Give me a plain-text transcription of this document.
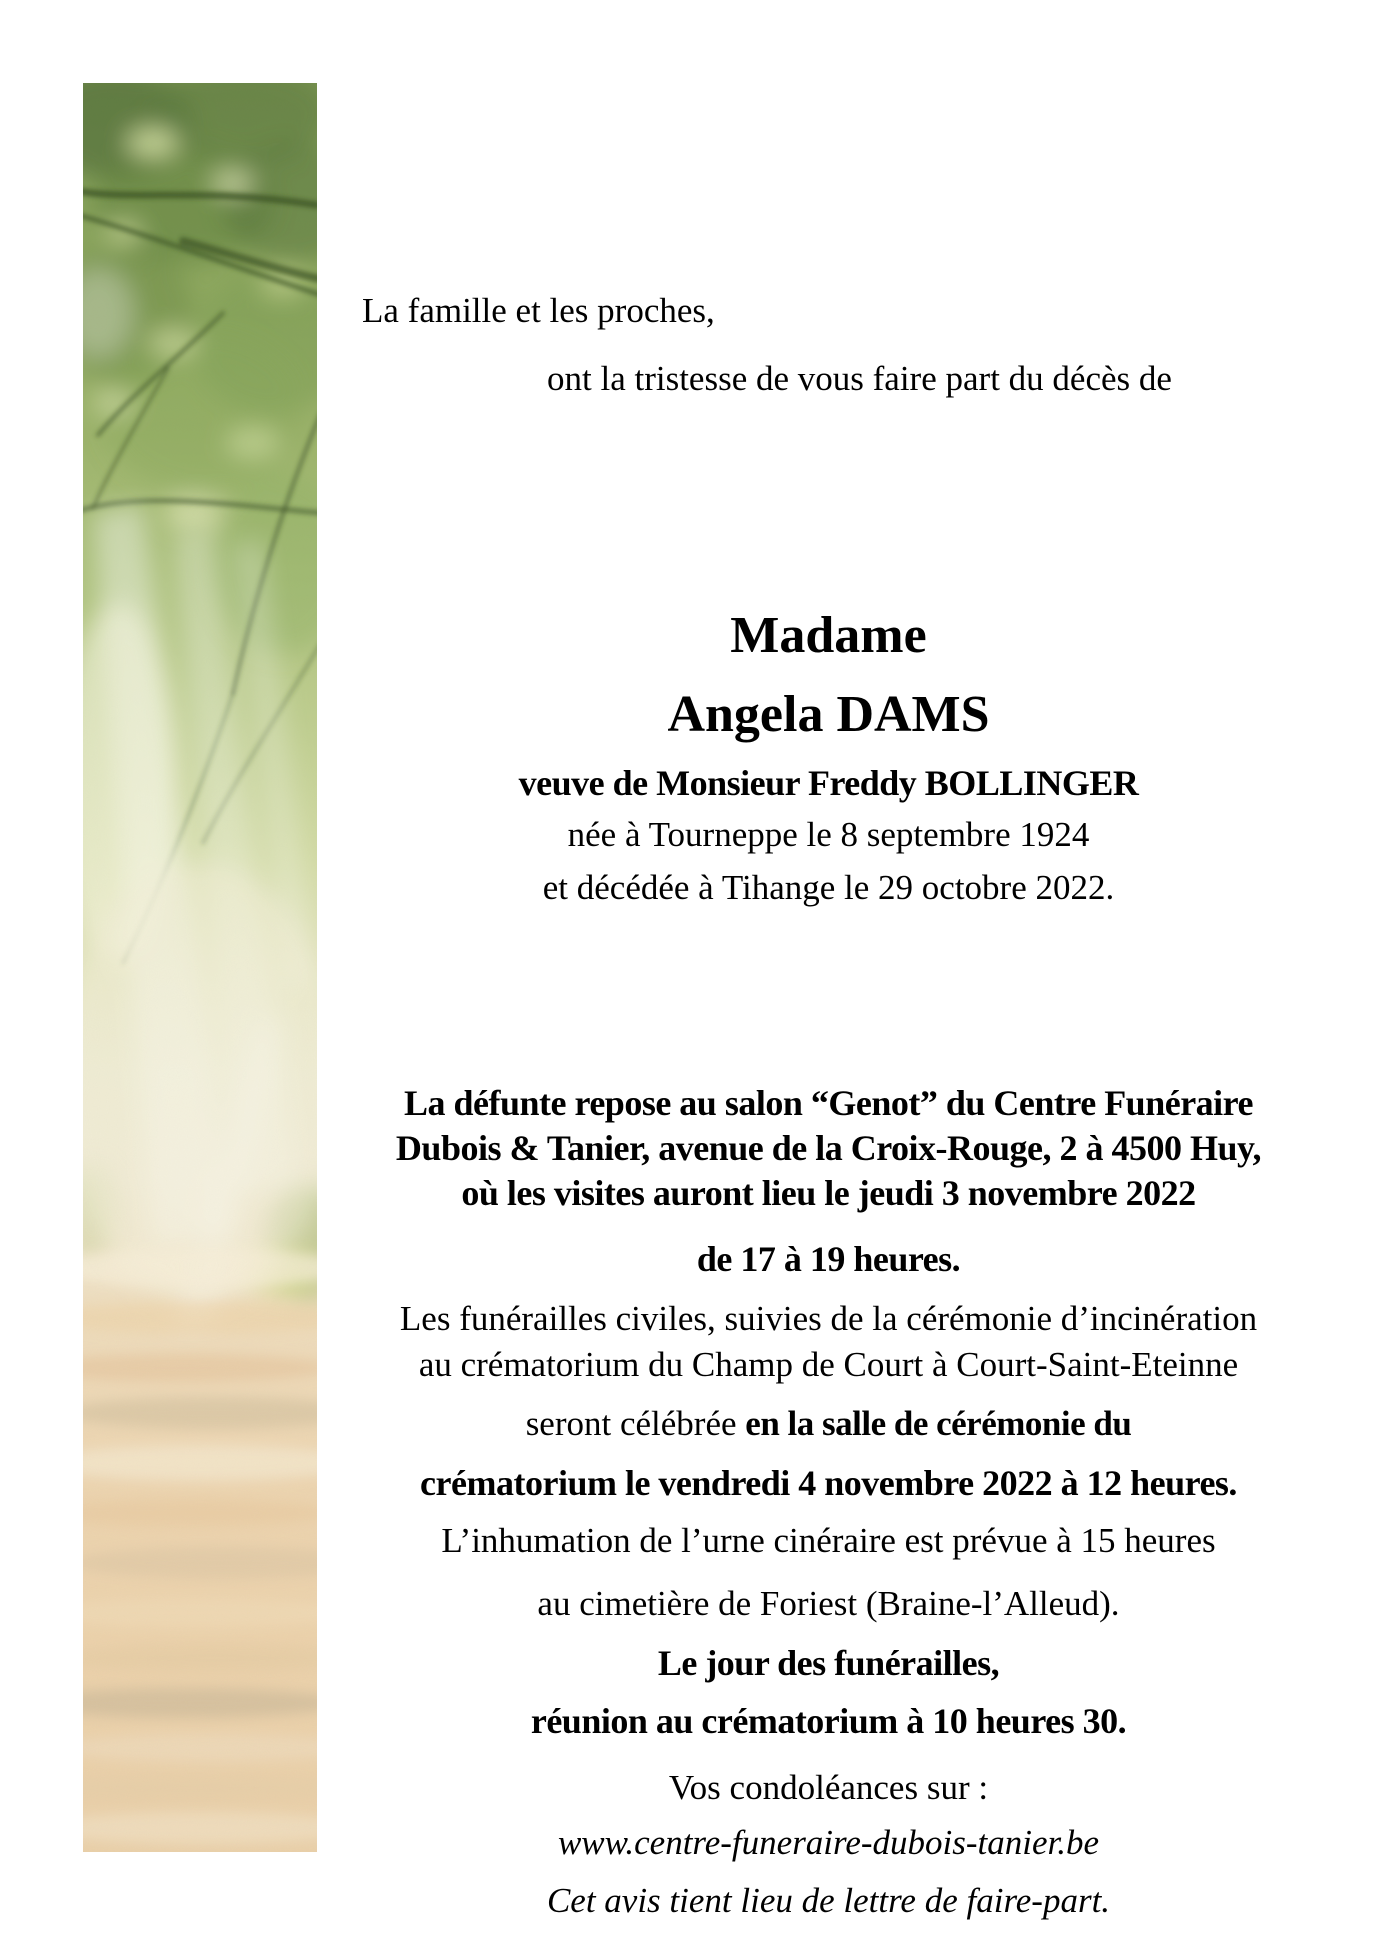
La famille et les proches,

ont la tristesse de vous faire part du décès de

Madame
Angela DAMS

veuve de Monsieur Freddy BOLLINGER

née à Tourneppe le 8 septembre 1924

et décédée à Tihange le 29 octobre 2022.

La défunte repose au salon “Genot” du Centre Funéraire
Dubois & Tanier, avenue de la Croix-Rouge, 2 à 4500 Huy,
où les visites auront lieu le jeudi 3 novembre 2022

de 17 à 19 heures.

Les funérailles civiles, suivies de la cérémonie d’incinération
au crématorium du Champ de Court à Court-Saint-Eteinne

seront célébrée en la salle de cérémonie du

crématorium le vendredi 4 novembre 2022 à 12 heures.

L’inhumation de l’urne cinéraire est prévue à 15 heures

au cimetière de Foriest (Braine-l’Alleud).

Le jour des funérailles,

réunion au crématorium à 10 heures 30.

Vos condoléances sur :

www.centre-funeraire-dubois-tanier.be

Cet avis tient lieu de lettre de faire-part.
